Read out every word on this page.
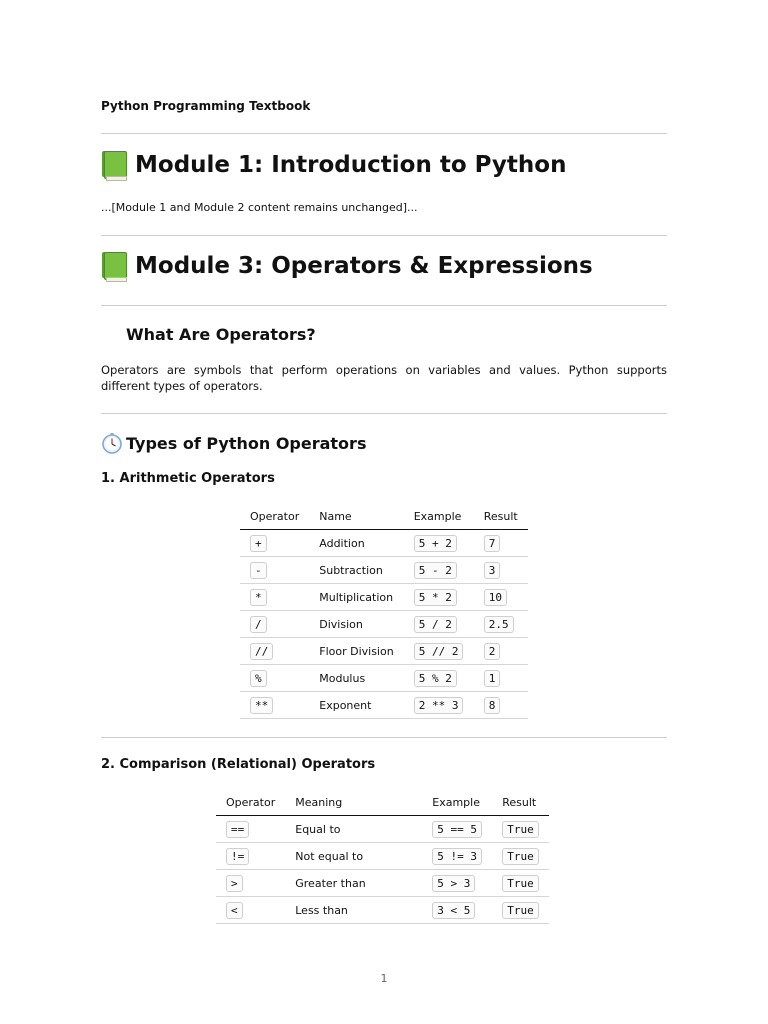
Python Programming Textbook
Module 1: Introduction to Python
...[Module 1 and Module 2 content remains unchanged]...
Module 3: Operators & Expressions
What Are Operators?
Operators are symbols that perform operations on variables and values. Python supports different types of operators.
Types of Python Operators
1. Arithmetic Operators
Operator	Name	Example	Result
+	Addition	5 + 2	7
-	Subtraction	5 - 2	3
*	Multiplication	5 * 2	10
/	Division	5 / 2	2.5
//	Floor Division	5 // 2	2
%	Modulus	5 % 2	1
**	Exponent	2 ** 3	8
2. Comparison (Relational) Operators
Operator	Meaning	Example	Result
==	Equal to	5 == 5	True
!=	Not equal to	5 != 3	True
>	Greater than	5 > 3	True
<	Less than	3 < 5	True
1
